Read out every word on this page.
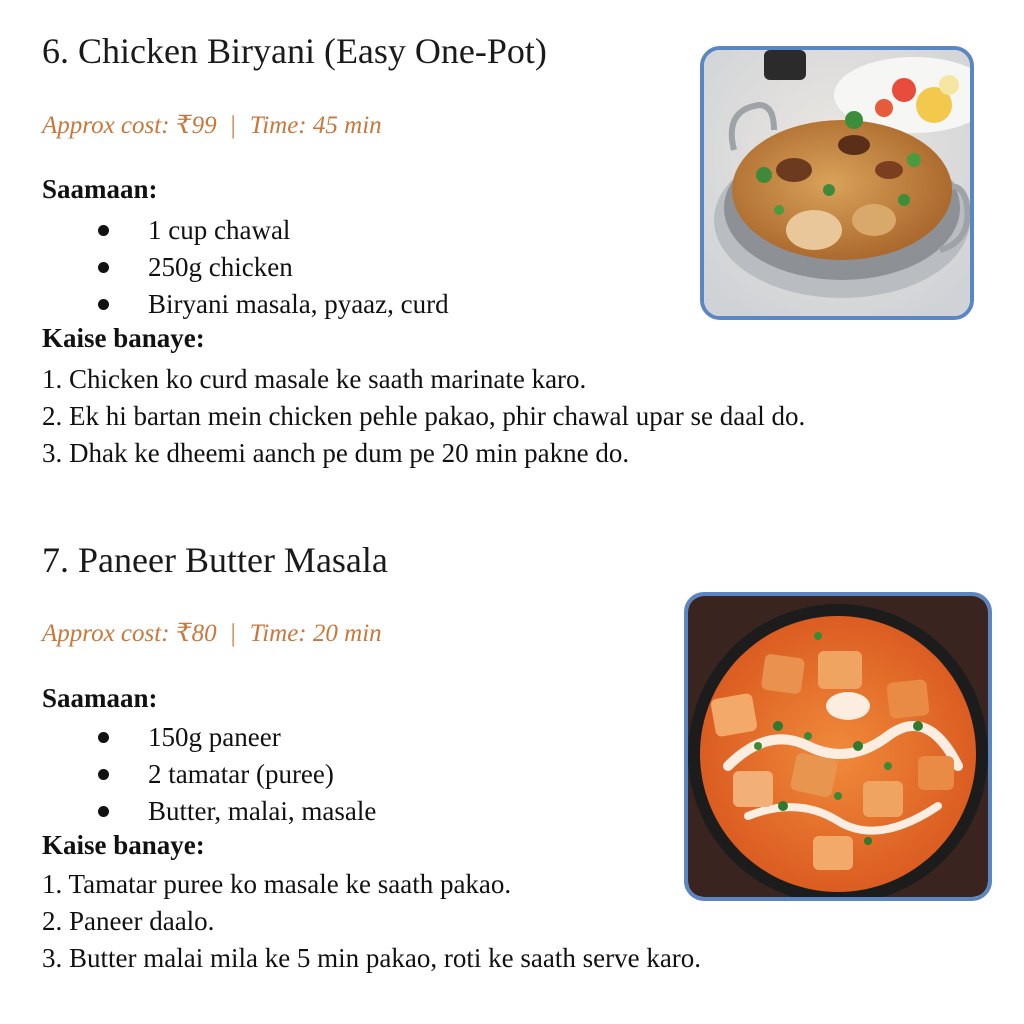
6. Chicken Biryani (Easy One-Pot)
Approx cost: ₹99 | Time: 45 min
Saamaan:
1 cup chawal
250g chicken
Biryani masala, pyaaz, curd
Kaise banaye:
1. Chicken ko curd masale ke saath marinate karo.
2. Ek hi bartan mein chicken pehle pakao, phir chawal upar se daal do.
3. Dhak ke dheemi aanch pe dum pe 20 min pakne do.
7. Paneer Butter Masala
Approx cost: ₹80 | Time: 20 min
Saamaan:
150g paneer
2 tamatar (puree)
Butter, malai, masale
Kaise banaye:
1. Tamatar puree ko masale ke saath pakao.
2. Paneer daalo.
3. Butter malai mila ke 5 min pakao, roti ke saath serve karo.
